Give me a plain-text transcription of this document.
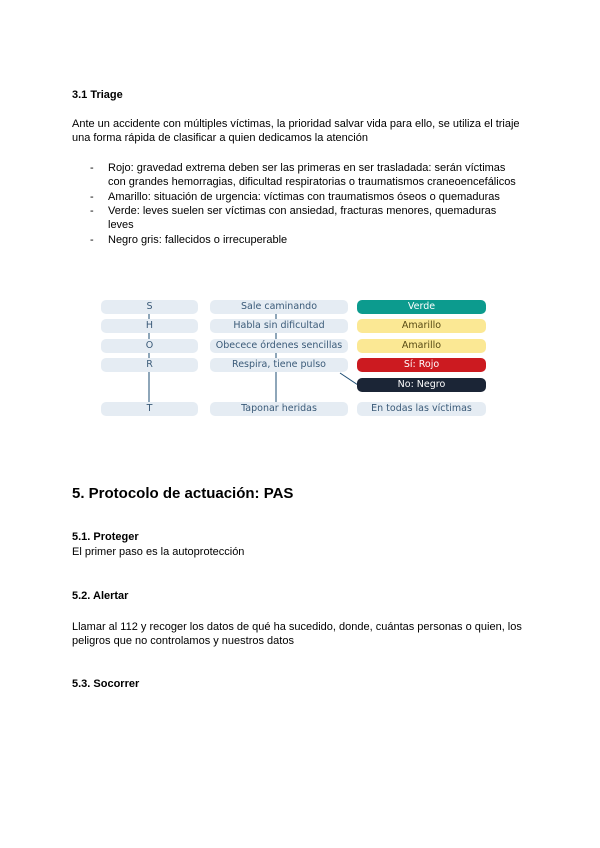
3.1 Triage
Ante un accidente con múltiples víctimas, la prioridad salvar vida para ello, se utiliza el triaje
una forma rápida de clasificar a quien dedicamos la atención
- Rojo: gravedad extrema deben ser las primeras en ser trasladada: serán víctimas
con grandes hemorragias, dificultad respiratorias o traumatismos craneoencefálicos
- Amarillo: situación de urgencia: víctimas con traumatismos óseos o quemaduras
- Verde: leves suelen ser víctimas con ansiedad, fracturas menores, quemaduras
leves
- Negro gris: fallecidos o irrecuperable
S
H
O
R
T
Sale caminando
Habla sin dificultad
Obecece órdenes sencillas
Respira, tiene pulso
Taponar heridas
Verde
Amarillo
Amarillo
Sí: Rojo
No: Negro
En todas las víctimas
5. Protocolo de actuación: PAS
5.1. Proteger
El primer paso es la autoprotección
5.2. Alertar
Llamar al 112 y recoger los datos de qué ha sucedido, donde, cuántas personas o quien, los
peligros que no controlamos y nuestros datos
5.3. Socorrer
